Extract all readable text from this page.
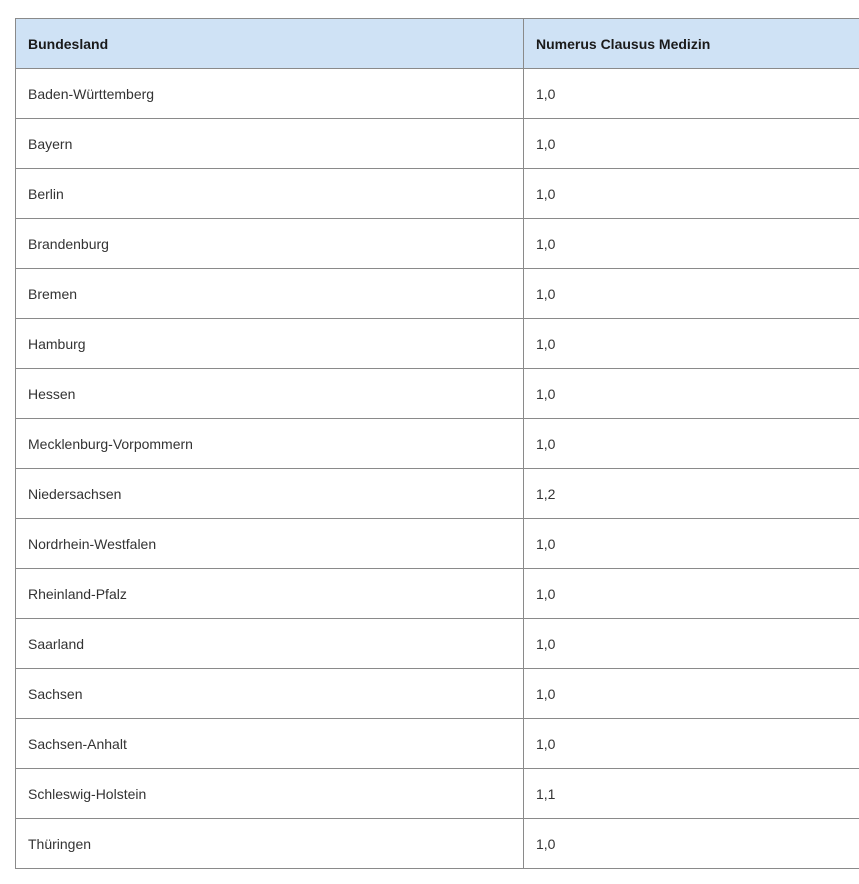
Bundesland	Numerus Clausus Medizin
Baden-Württemberg	1,0
Bayern	1,0
Berlin	1,0
Brandenburg	1,0
Bremen	1,0
Hamburg	1,0
Hessen	1,0
Mecklenburg-Vorpommern	1,0
Niedersachsen	1,2
Nordrhein-Westfalen	1,0
Rheinland-Pfalz	1,0
Saarland	1,0
Sachsen	1,0
Sachsen-Anhalt	1,0
Schleswig-Holstein	1,1
Thüringen	1,0
